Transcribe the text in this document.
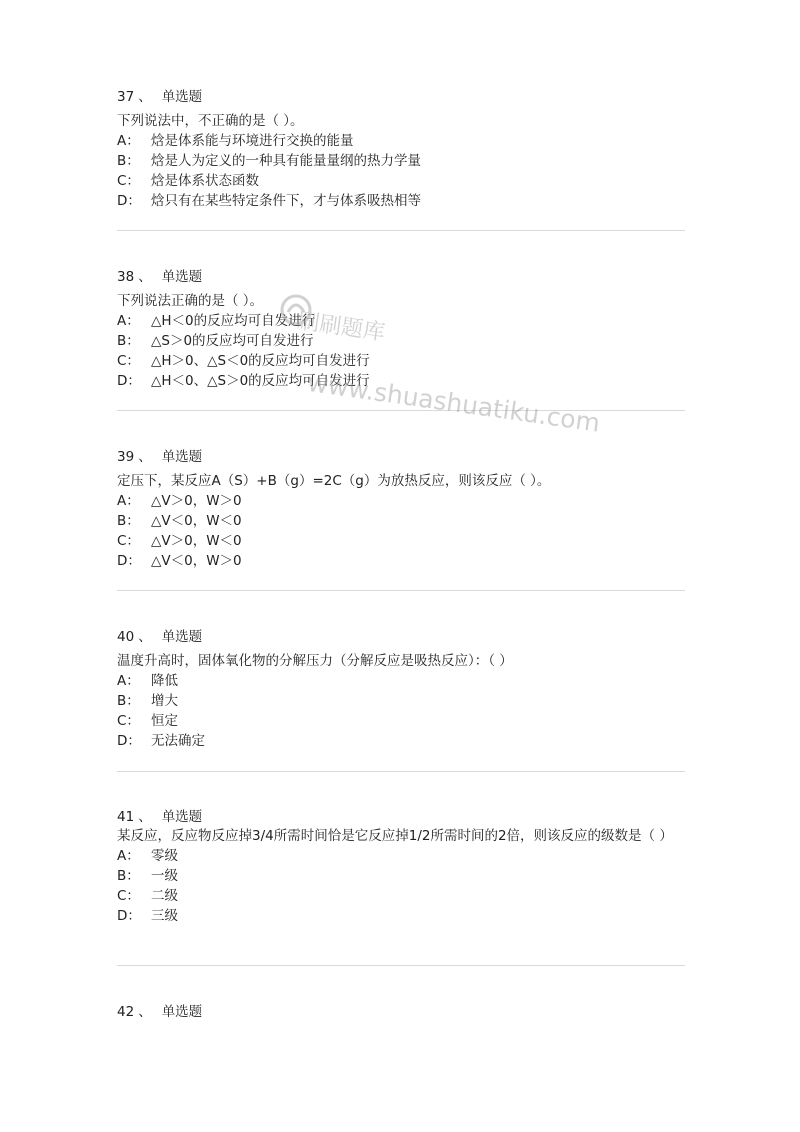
37 、 单选题
下列说法中，不正确的是（ ）。
A： 焓是体系能与环境进行交换的能量
B： 焓是人为定义的一种具有能量量纲的热力学量
C： 焓是体系状态函数
D： 焓只有在某些特定条件下，才与体系吸热相等
38 、 单选题
下列说法正确的是（ ）。
A： △H＜0的反应均可自发进行
B： △S＞0的反应均可自发进行
C： △H＞0、△S＜0的反应均可自发进行
D： △H＜0、△S＞0的反应均可自发进行
39 、 单选题
定压下，某反应A（S）+B（g）=2C（g）为放热反应，则该反应（ ）。
A： △V＞0，W＞0
B： △V＜0，W＜0
C： △V＞0，W＜0
D： △V＜0，W＞0
40 、 单选题
温度升高时，固体氧化物的分解压力（分解反应是吸热反应）：（ ）
A： 降低
B： 增大
C： 恒定
D： 无法确定
41 、 单选题
某反应，反应物反应掉3/4所需时间恰是它反应掉1/2所需时间的2倍，则该反应的级数是（ ）
A： 零级
B： 一级
C： 二级
D： 三级
42 、 单选题
刷刷题库
www.shuashuatiku.com
